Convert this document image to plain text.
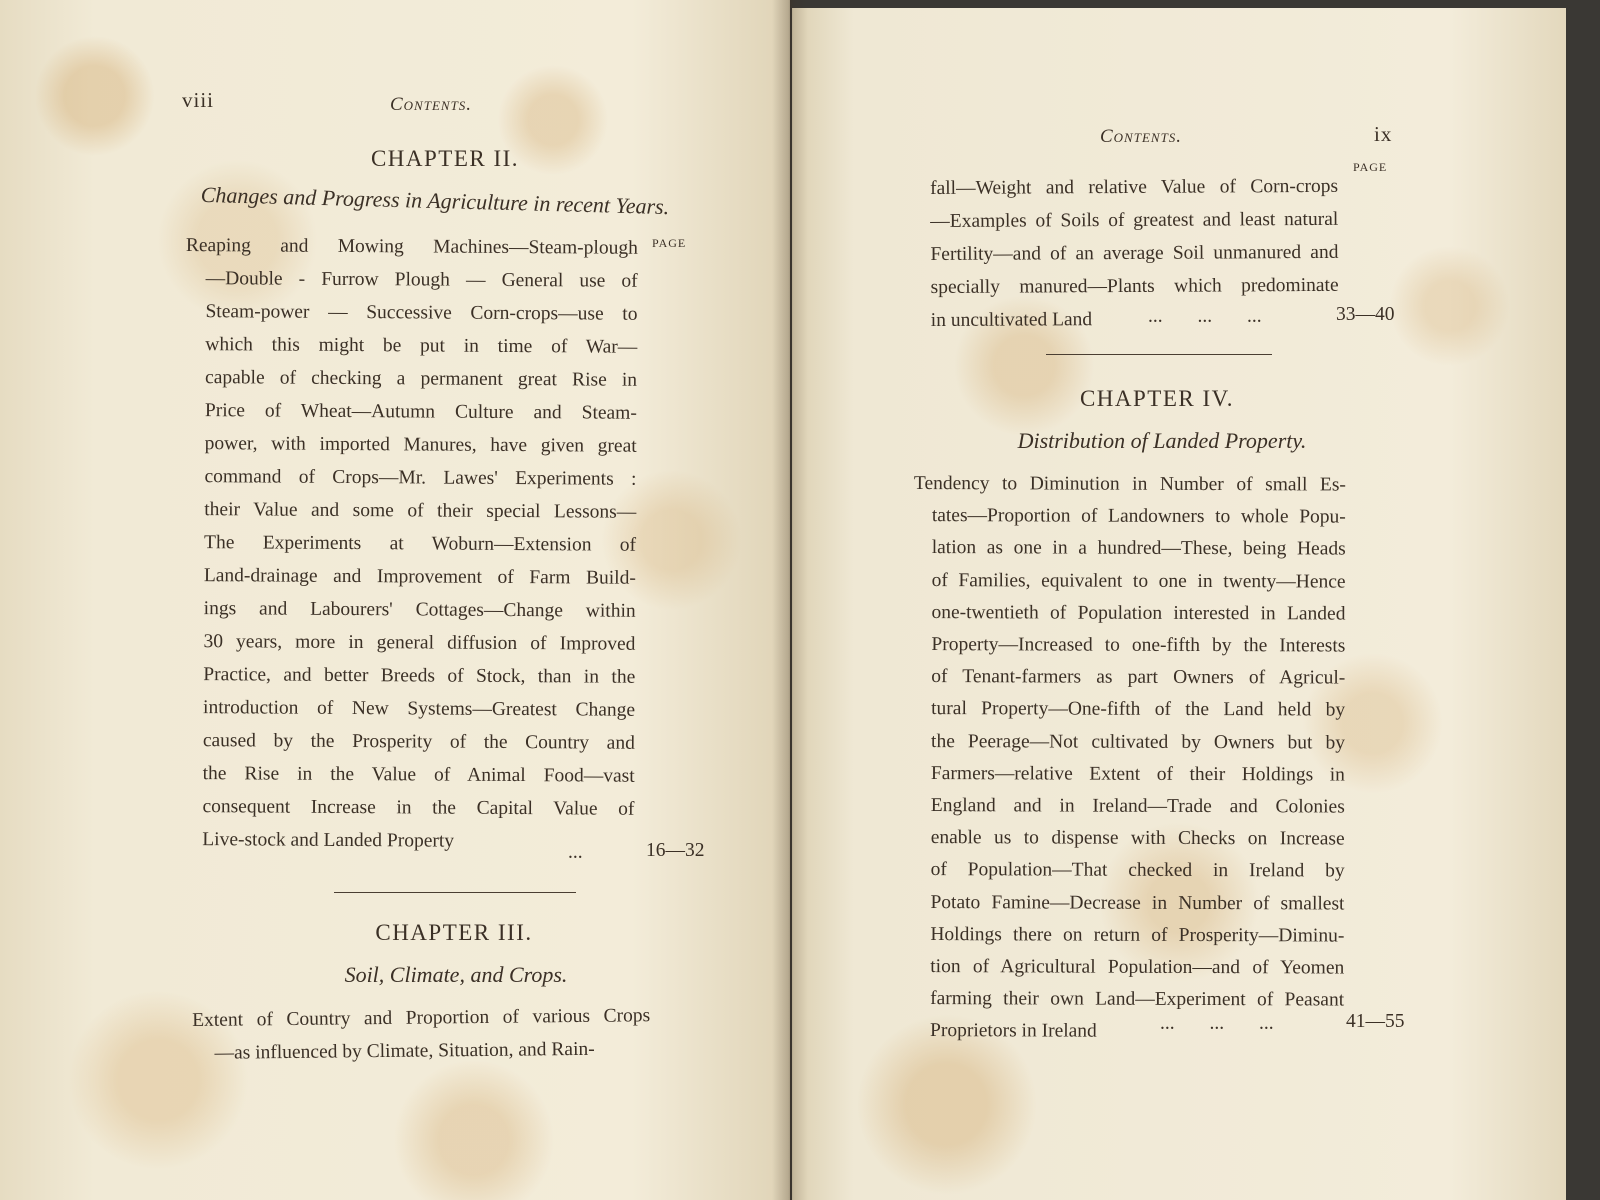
viii	Contents.
CHAPTER II.
Changes and Progress in Agriculture in recent Years.
PAGE
Reaping and Mowing Machines—Steam-plough
—Double - Furrow Plough — General use of
Steam-power — Successive Corn-crops—use to
which this might be put in time of War—
capable of checking a permanent great Rise in
Price of Wheat—Autumn Culture and Steam-
power, with imported Manures, have given great
command of Crops—Mr. Lawes' Experiments :
their Value and some of their special Lessons—
The Experiments at Woburn—Extension of
Land-drainage and Improvement of Farm Build-
ings and Labourers' Cottages—Change within
30 years, more in general diffusion of Improved
Practice, and better Breeds of Stock, than in the
introduction of New Systems—Greatest Change
caused by the Prosperity of the Country and
the Rise in the Value of Animal Food—vast
consequent Increase in the Capital Value of
Live-stock and Landed Property
...	16—32
CHAPTER III.
Soil, Climate, and Crops.
Extent of Country and Proportion of various Crops
—as influenced by Climate, Situation, and Rain-
Contents.	ix
PAGE
fall—Weight and relative Value of Corn-crops
—Examples of Soils of greatest and least natural
Fertility—and of an average Soil unmanured and
specially manured—Plants which predominate
in uncultivated Land	... ... ...	33—40
CHAPTER IV.
Distribution of Landed Property.
Tendency to Diminution in Number of small Es-
tates—Proportion of Landowners to whole Popu-
lation as one in a hundred—These, being Heads
of Families, equivalent to one in twenty—Hence
one-twentieth of Population interested in Landed
Property—Increased to one-fifth by the Interests
of Tenant-farmers as part Owners of Agricul-
tural Property—One-fifth of the Land held by
the Peerage—Not cultivated by Owners but by
Farmers—relative Extent of their Holdings in
England and in Ireland—Trade and Colonies
enable us to dispense with Checks on Increase
of Population—That checked in Ireland by
Potato Famine—Decrease in Number of smallest
Holdings there on return of Prosperity—Diminu-
tion of Agricultural Population—and of Yeomen
farming their own Land—Experiment of Peasant
Proprietors in Ireland	... ... ...	41—55
